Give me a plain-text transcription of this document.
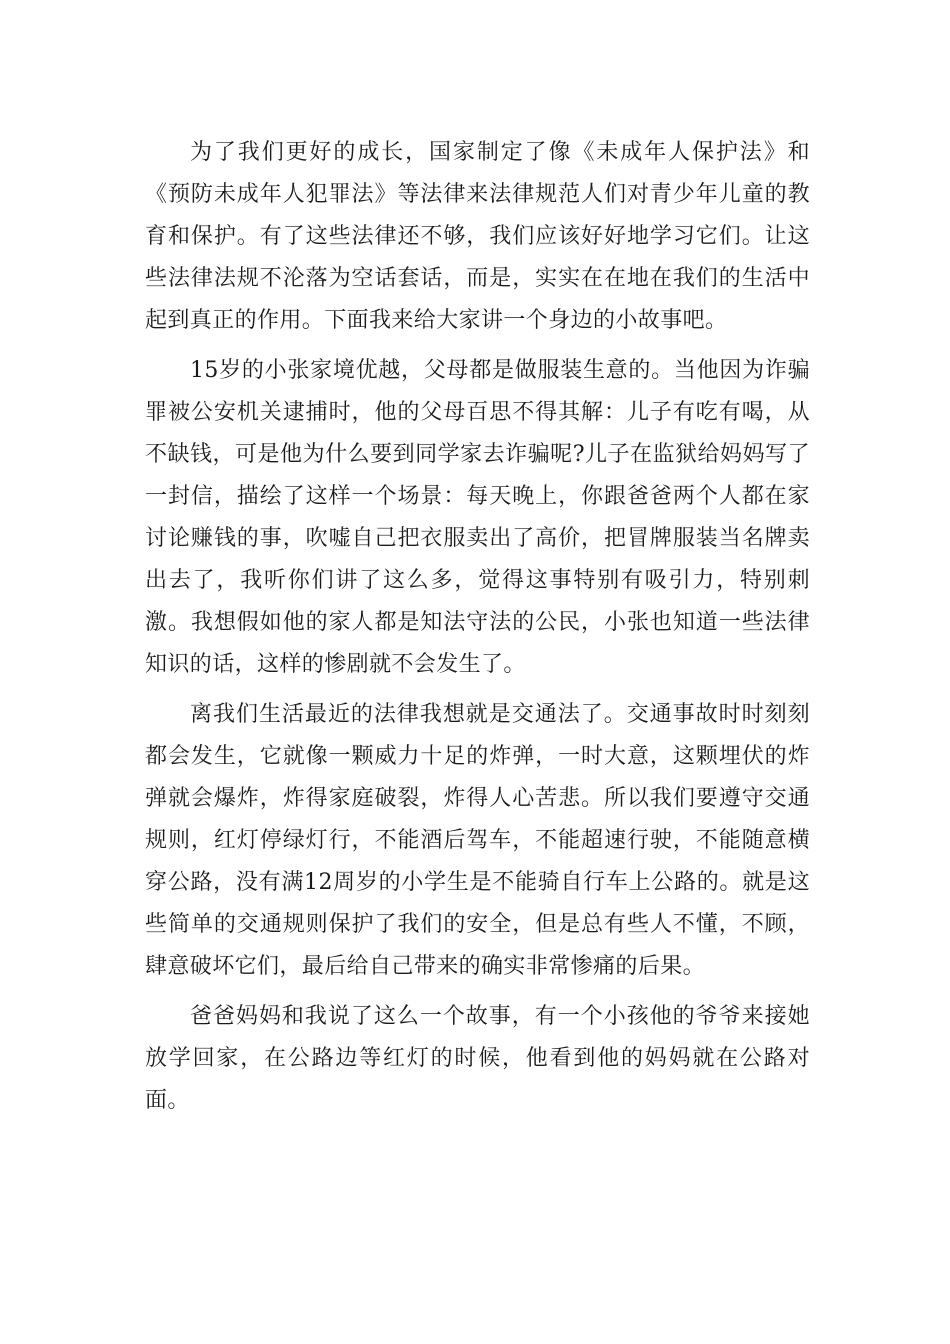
为了我们更好的成长，国家制定了像《未成年人保护法》和《预防未成年人犯罪法》等法律来法律规范人们对青少年儿童的教育和保护。有了这些法律还不够，我们应该好好地学习它们。让这些法律法规不沦落为空话套话，而是，实实在在地在我们的生活中起到真正的作用。下面我来给大家讲一个身边的小故事吧。

15岁的小张家境优越，父母都是做服装生意的。当他因为诈骗罪被公安机关逮捕时，他的父母百思不得其解：儿子有吃有喝，从不缺钱，可是他为什么要到同学家去诈骗呢?儿子在监狱给妈妈写了一封信，描绘了这样一个场景：每天晚上，你跟爸爸两个人都在家讨论赚钱的事，吹嘘自己把衣服卖出了高价，把冒牌服装当名牌卖出去了，我听你们讲了这么多，觉得这事特别有吸引力，特别刺激。我想假如他的家人都是知法守法的公民，小张也知道一些法律知识的话，这样的惨剧就不会发生了。

离我们生活最近的法律我想就是交通法了。交通事故时时刻刻都会发生，它就像一颗威力十足的炸弹，一时大意，这颗埋伏的炸弹就会爆炸，炸得家庭破裂，炸得人心苦悲。所以我们要遵守交通规则，红灯停绿灯行，不能酒后驾车，不能超速行驶，不能随意横穿公路，没有满12周岁的小学生是不能骑自行车上公路的。就是这些简单的交通规则保护了我们的安全，但是总有些人不懂，不顾，肆意破坏它们，最后给自己带来的确实非常惨痛的后果。

爸爸妈妈和我说了这么一个故事，有一个小孩他的爷爷来接她放学回家，在公路边等红灯的时候，他看到他的妈妈就在公路对面。
